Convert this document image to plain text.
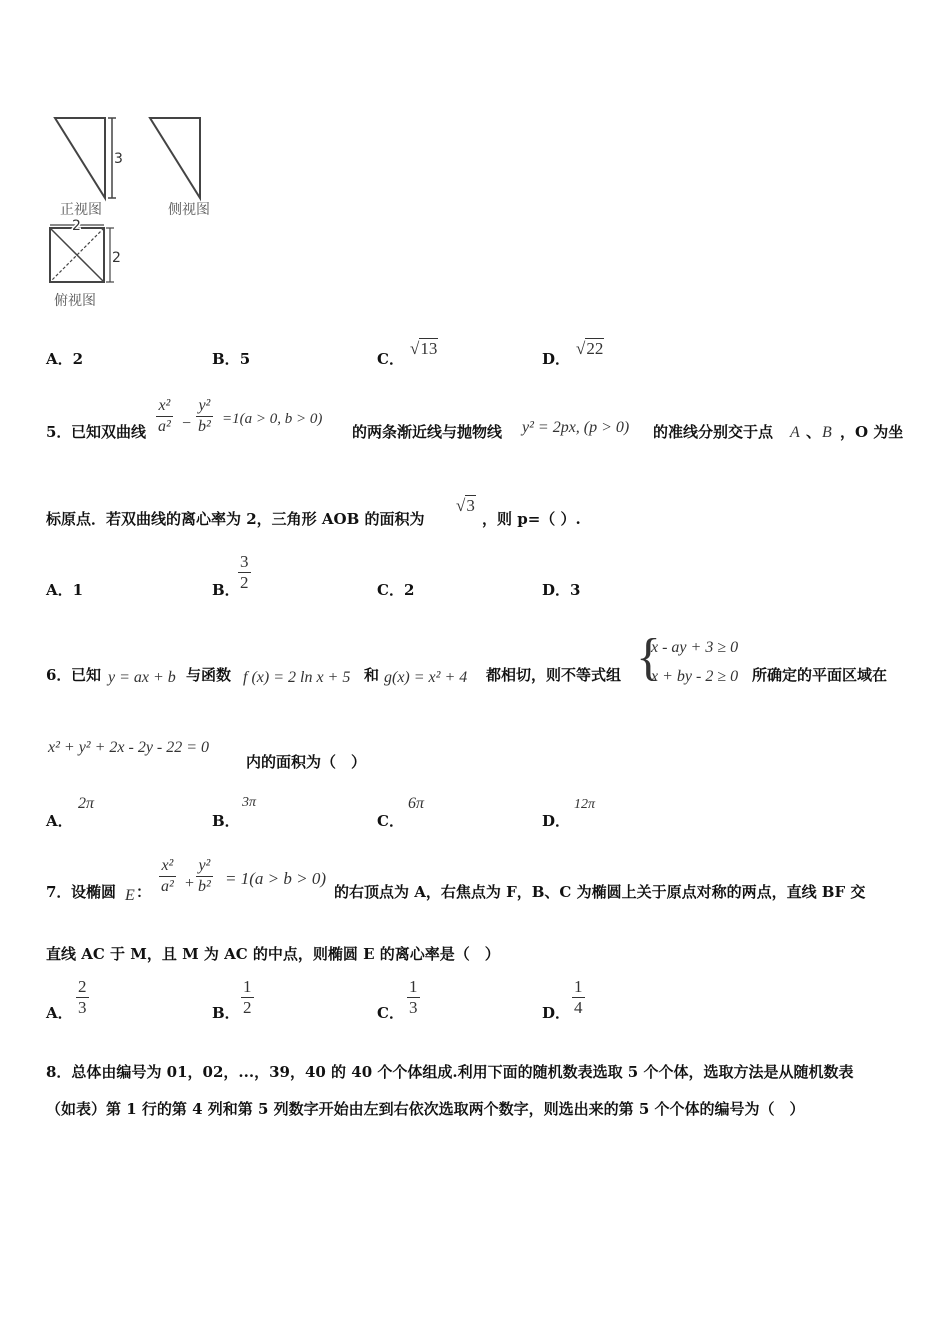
3
正视图	侧视图
2
2
俯视图
A．2	B．5	C．
√13
D．
√22
5． 已知双曲线 $\frac{\text{x²}}{\text{a²}} - \frac{\text{y²}}{\text{b²}} =1(a > 0$, b > 0)
的两条渐近线与抛物线 y² = 2px, (p > 0) 的准线分别交于点 A 、 B ，O 为坐
标原点．若双曲线的离心率为 2，三角形 AOB 的面积为
√3
，则 p=（ ）.
A．1	B．
$\frac{3}{2}$	C．2	D．3
6． 已知 y = ax + b 与函数 f (x) = 2 ln x + 5 和 g(x) = x² + 4 都相切，则不等式组 {
x - ay + 3 ≥ 0
x + by - 2 ≥ 0 所确定的平面区域在
x² + y² + 2x - 2y - 22 = 0
内的面积为（　）
A．
2π
B．
3π
C．
6π
D．
12π
7． 设椭圆 E ： $\frac{\text{x²}}{\text{a²}} + \frac{\text{y²}}{\text{b²}} = 1(a > b > 0)$
的右顶点为 A，右焦点为 F，B、C 为椭圆上关于原点对称的两点，直线 BF 交
直线 AC 于 M，且 M 为 AC 的中点，则椭圆 E 的离心率是（　）
A． $\frac{2}{3}$	B． $\frac{1}{2}$	C． $\frac{1}{3}$	D． $\frac{1}{4}$
8．总体由编号为 01，02，...，39，40 的 40 个个体组成.利用下面的随机数表选取 5 个个体，选取方法是从随机数表
（如表）第 1 行的第 4 列和第 5 列数字开始由左到右依次选取两个数字，则选出来的第 5 个个体的编号为（　）
